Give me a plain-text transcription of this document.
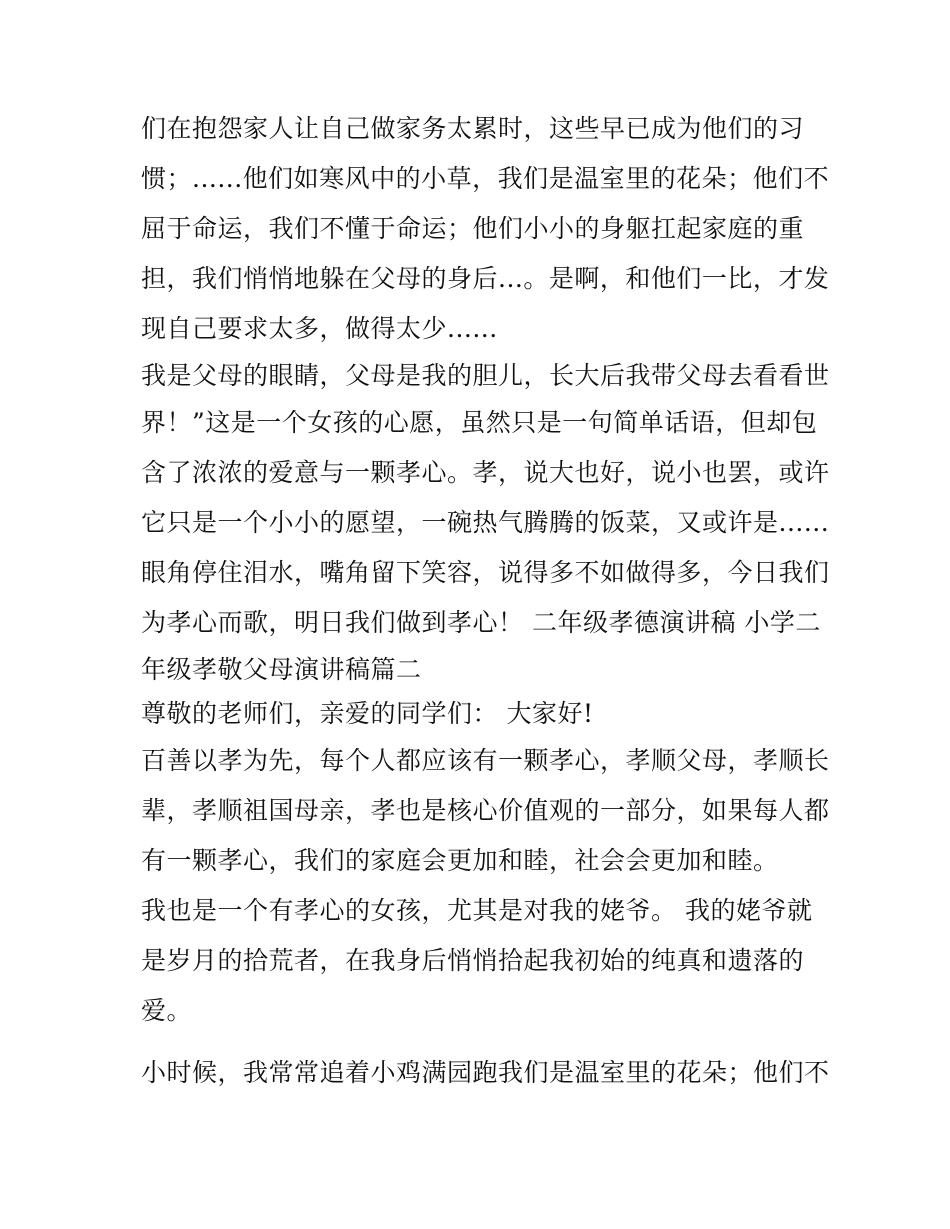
们在抱怨家人让自己做家务太累时，这些早已成为他们的习
惯；......他们如寒风中的小草，我们是温室里的花朵；他们不
屈于命运，我们不懂于命运；他们小小的身躯扛起家庭的重
担，我们悄悄地躲在父母的身后...。是啊，和他们一比，才发
现自己要求太多，做得太少......
我是父母的眼睛，父母是我的胆儿，长大后我带父母去看看世
界！”这是一个女孩的心愿，虽然只是一句简单话语，但却包
含了浓浓的爱意与一颗孝心。孝，说大也好，说小也罢，或许
它只是一个小小的愿望，一碗热气腾腾的饭菜，又或许是......
眼角停住泪水，嘴角留下笑容，说得多不如做得多，今日我们
为孝心而歌，明日我们做到孝心！ 二年级孝德演讲稿 小学二
年级孝敬父母演讲稿篇二
尊敬的老师们，亲爱的同学们： 大家好!
百善以孝为先，每个人都应该有一颗孝心，孝顺父母，孝顺长
辈，孝顺祖国母亲，孝也是核心价值观的一部分，如果每人都
有一颗孝心，我们的家庭会更加和睦，社会会更加和睦。
我也是一个有孝心的女孩，尤其是对我的姥爷。 我的姥爷就
是岁月的拾荒者，在我身后悄悄拾起我初始的纯真和遗落的
爱。
小时候，我常常追着小鸡满园跑我们是温室里的花朵；他们不
